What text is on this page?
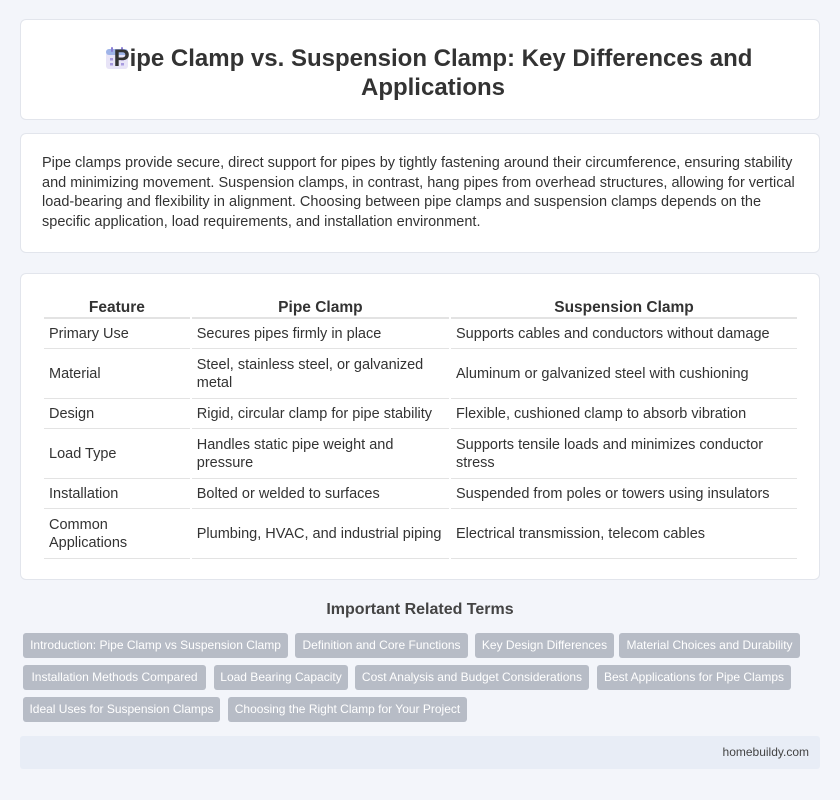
Pipe Clamp vs. Suspension Clamp: Key Differences and Applications

Pipe clamps provide secure, direct support for pipes by tightly fastening around their circumference, ensuring stability and minimizing movement. Suspension clamps, in contrast, hang pipes from overhead structures, allowing for vertical load-bearing and flexibility in alignment. Choosing between pipe clamps and suspension clamps depends on the specific application, load requirements, and installation environment.

Feature	Pipe Clamp	Suspension Clamp
Primary Use	Secures pipes firmly in place	Supports cables and conductors without damage
Material	Steel, stainless steel, or galvanized metal	Aluminum or galvanized steel with cushioning
Design	Rigid, circular clamp for pipe stability	Flexible, cushioned clamp to absorb vibration
Load Type	Handles static pipe weight and pressure	Supports tensile loads and minimizes conductor stress
Installation	Bolted or welded to surfaces	Suspended from poles or towers using insulators
Common Applications	Plumbing, HVAC, and industrial piping	Electrical transmission, telecom cables
Important Related Terms
Introduction: Pipe Clamp vs Suspension Clamp	Definition and Core Functions	Key Design Differences	Material Choices and Durability
Installation Methods Compared	Load Bearing Capacity	Cost Analysis and Budget Considerations	Best Applications for Pipe Clamps
Ideal Uses for Suspension Clamps	Choosing the Right Clamp for Your Project
homebuildy.com
